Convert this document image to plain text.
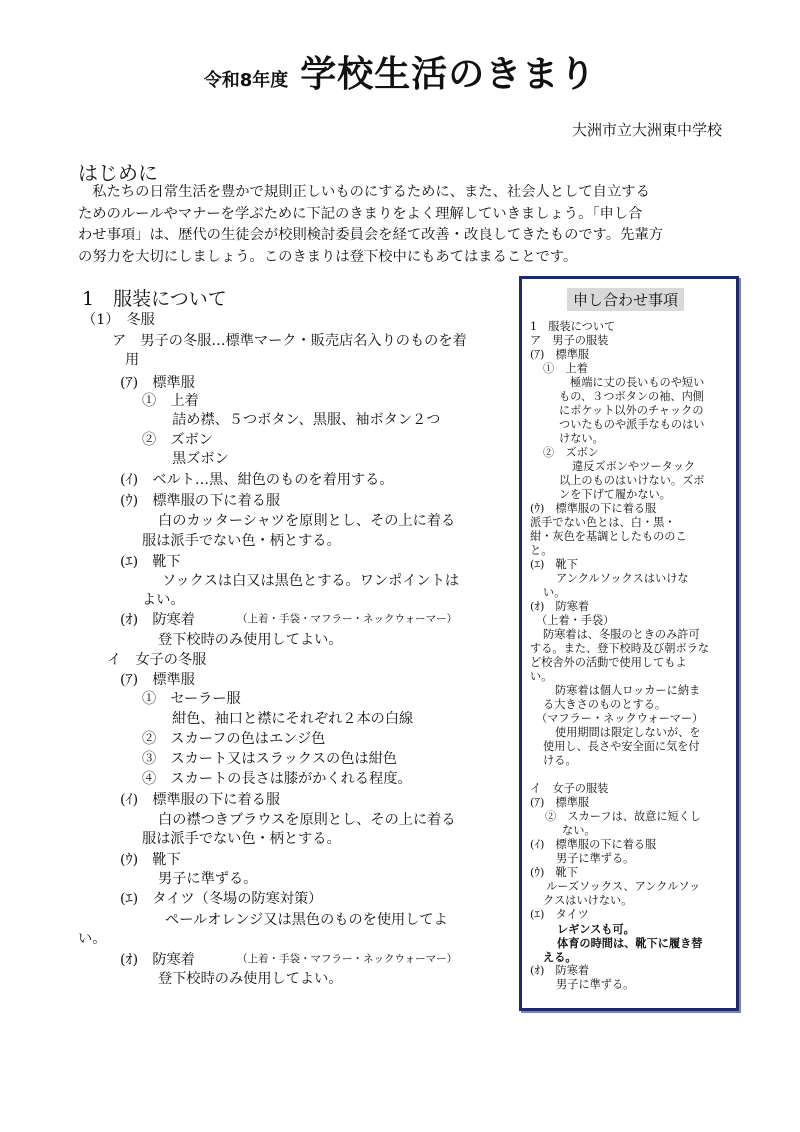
令和8年度 学校生活のきまり
大洲市立大洲東中学校
はじめに
私たちの日常生活を豊かで規則正しいものにするために、また、社会人として自立する
ためのルールやマナーを学ぶために下記のきまりをよく理解していきましょう。「申し合
わせ事項」は、歴代の生徒会が校則検討委員会を経て改善・改良してきたものです。先輩方
の努力を大切にしましょう。このきまりは登下校中にもあてはまることです。
1　服装について
（1）　冬服
ア　男子の冬服…標準マーク・販売店名入りのものを着
用
(ｱ)　標準服
①　上着
詰め襟、５つボタン、黒服、袖ボタン２つ
②　ズボン
黒ズボン
(ｲ)　ベルト…黒、紺色のものを着用する。
(ｳ)　標準服の下に着る服
白のカッターシャツを原則とし、その上に着る
服は派手でない色・柄とする。
(ｴ)　靴下
ソックスは白又は黒色とする。ワンポイントは
よい。
(ｵ)　防寒着	（上着・手袋・マフラー・ネックウォーマー）
登下校時のみ使用してよい。
イ　女子の冬服
(ｱ)　標準服
①　セーラー服
紺色、袖口と襟にそれぞれ２本の白線
②　スカーフの色はエンジ色
③　スカート又はスラックスの色は紺色
④　スカートの長さは膝がかくれる程度。
(ｲ)　標準服の下に着る服
白の襟つきブラウスを原則とし、その上に着る
服は派手でない色・柄とする。
(ｳ)　靴下
男子に準ずる。
(ｴ)　タイツ（冬場の防寒対策）
ペールオレンジ又は黒色のものを使用してよ
い。
(ｵ)　防寒着	（上着・手袋・マフラー・ネックウォーマー）
登下校時のみ使用してよい。
申し合わせ事項
1　服装について
ア　男子の服装
(ｱ)　標準服
①　上着
極端に丈の長いものや短い
もの、３つボタンの袖、内側
にポケット以外のチャックの
ついたものや派手なものはい
けない。
②　ズボン
違反ズボンやツータック
以上のものはいけない。ズボ
ンを下げて履かない。
(ｳ)　標準服の下に着る服
派手でない色とは、白・黒・
紺・灰色を基調としたもののこ
と。
(ｴ)　靴下
アンクルソックスはいけな
い。
(ｵ)　防寒着
（上着・手袋）
防寒着は、冬服のときのみ許可
する。また、登下校時及び朝ボラな
ど校舎外の活動で使用してもよ
い。
防寒着は個人ロッカーに納ま
る大きさのものとする。
（マフラー・ネックウォーマー）
使用期間は限定しないが、を
使用し、長さや安全面に気を付
ける。
イ　女子の服装
(ｱ)　標準服
②　スカーフは、故意に短くし
ない。
(ｲ)　標準服の下に着る服
男子に準ずる。
(ｳ)　靴下
ルーズソックス、アンクルソッ
クスはいけない。
(ｴ)　タイツ
レギンスも可。
体育の時間は、靴下に履き替
える。
(ｵ)　防寒着
男子に準ずる。
